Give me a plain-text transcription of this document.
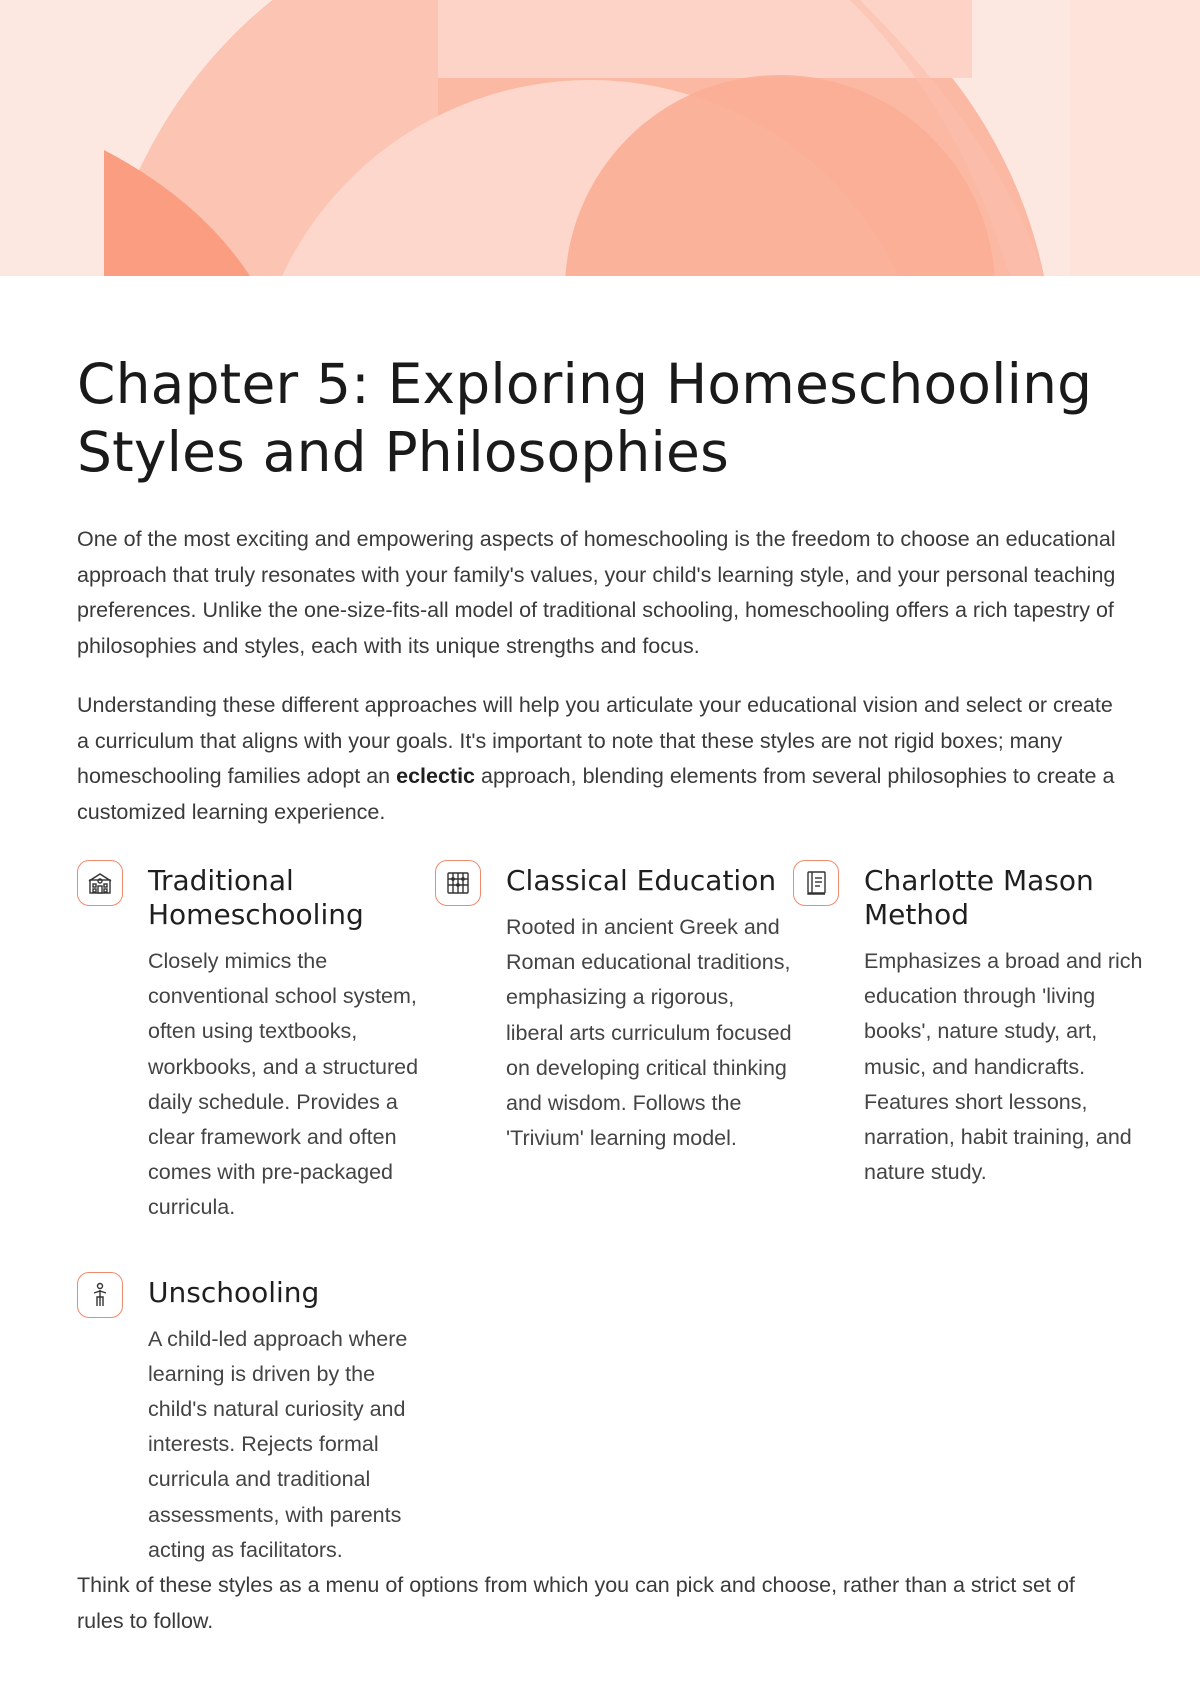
Chapter 5: Exploring Homeschooling Styles and Philosophies

One of the most exciting and empowering aspects of homeschooling is the freedom to choose an educational approach that truly resonates with your family's values, your child's learning style, and your personal teaching preferences. Unlike the one-size-fits-all model of traditional schooling, homeschooling offers a rich tapestry of philosophies and styles, each with its unique strengths and focus.

Understanding these different approaches will help you articulate your educational vision and select or create a curriculum that aligns with your goals. It's important to note that these styles are not rigid boxes; many homeschooling families adopt an eclectic approach, blending elements from several philosophies to create a customized learning experience.

Traditional Homeschooling

Closely mimics the conventional school system, often using textbooks, workbooks, and a structured daily schedule. Provides a clear framework and often comes with pre-packaged curricula.

Classical Education

Rooted in ancient Greek and Roman educational traditions, emphasizing a rigorous, liberal arts curriculum focused on developing critical thinking and wisdom. Follows the 'Trivium' learning model.

Charlotte Mason Method

Emphasizes a broad and rich education through 'living books', nature study, art, music, and handicrafts. Features short lessons, narration, habit training, and nature study.

Unschooling

A child-led approach where learning is driven by the child's natural curiosity and interests. Rejects formal curricula and traditional assessments, with parents acting as facilitators.

Think of these styles as a menu of options from which you can pick and choose, rather than a strict set of rules to follow.
